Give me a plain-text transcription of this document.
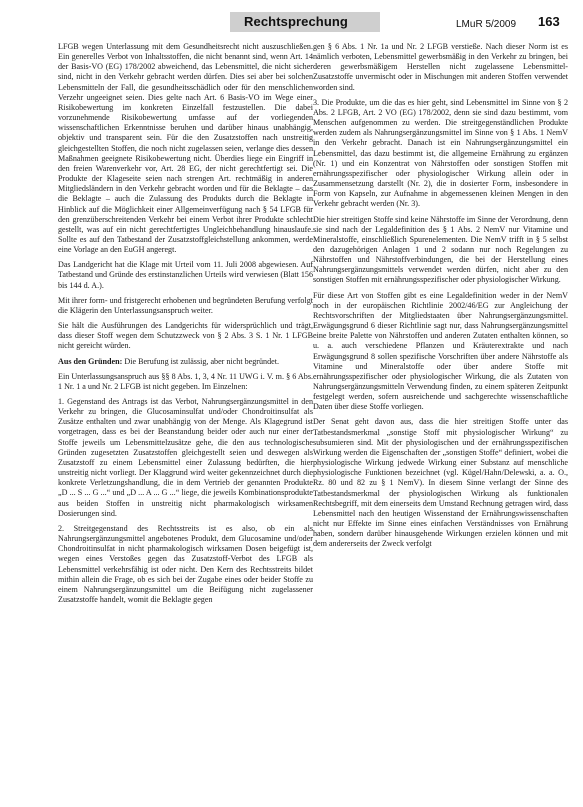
Rechtsprechung	LMuR 5/2009 163

LFGB wegen Unterlassung mit dem Gesundheitsrecht nicht auszuschließen. Ein generelles Verbot von Inhaltsstoffen, die nicht benannt sind, wenn Art. 14 der Basis-VO (EG) 178/2002 abweichend, das Lebensmittel, die nicht sicher sind, nicht in den Verkehr gebracht werden dürfen. Dies sei aber bei solchen Lebensmitteln der Fall, die gesundheitsschädlich oder für den menschlichen Verzehr ungeeignet seien. Dies gelte nach Art. 6 Basis-VO im Wege einer Risikobewertung im konkreten Einzelfall festzustellen. Die dabei vorzunehmende Risikobewertung umfasse auf der vorliegenden wissenschaftlichen Erkenntnisse beruhen und darüber hinaus unabhängig, objektiv und transparent sein. Für die den Zusatzstoffen nach unstreitig gleichgestellten Stoffen, die noch nicht zugelassen seien, verlange dies dessen Maßnahmen geeignete Risikobewertung nicht. Überdies liege ein Eingriff in den freien Warenverkehr vor, Art. 28 EG, der nicht gerechtfertigt sei. Die Produkte der Klageseite seien nach strengen Art. rechtmäßig in anderen Mitgliedsländern in den Verkehr gebracht worden und für die Beklagte – das die Beklagte – auch die Zulassung des Produkts durch die Beklagte in Hinblick auf die Möglichkeit einer Allgemeinverfügung nach § 54 LFGB für den grenzüberschreitenden Verkehr bei einem Verbot ihrer Produkte schlecht gestellt, was auf ein nicht gerechtfertigtes Ungleichbehandlung hinauslaufe. Sollte es auf den Tatbestand der Zusatzstoffgleichstellung ankommen, werde eine Vorlage an den EuGH angeregt.

Das Landgericht hat die Klage mit Urteil vom 11. Juli 2008 abgewiesen. Auf Tatbestand und Gründe des erstinstanzlichen Urteils wird verwiesen (Blatt 156 bis 144 d. A.).

Mit ihrer form- und fristgerecht erhobenen und begründeten Berufung verfolgt die Klägerin den Unterlassungsanspruch weiter.

Sie hält die Ausführungen des Landgerichts für widersprüchlich und trägt, dass dieser Stoff wegen dem Schutzzweck von § 2 Abs. 3 S. 1 Nr. 1 LFGB nicht gereicht würden.

Aus den Gründen: Die Berufung ist zulässig, aber nicht begründet.

Ein Unterlassungsanspruch aus §§ 8 Abs. 1, 3, 4 Nr. 11 UWG i. V. m. § 6 Abs. 1 Nr. 1 a und Nr. 2 LFGB ist nicht gegeben. Im Einzelnen:

1. Gegenstand des Antrags ist das Verbot, Nahrungsergänzungsmittel in den Verkehr zu bringen, die Glucosaminsulfat und/oder Chondroitinsulfat als Zusätze enthalten und zwar unabhängig von der Menge. Als Klagegrund ist vorgetragen, dass es bei der Beanstandung beider oder auch nur einer der Stoffe jeweils um Lebensmittelzusätze gehe, die den aus technologische Gründen zugesetzten Zusatzstoffen gleichgestellt seien und deswegen als Zusatzstoff zu einem Lebensmittel einer Zulassung bedürften, die hier unstreitig nicht vorliegt. Der Klaggrund wird weiter gekennzeichnet durch die konkrete Verletzungshandlung, die in dem Vertrieb der genannten Produkte „D ... S ... G ...“ und „D ... A ... G ...“ liege, die jeweils Kombinationsprodukte aus beiden Stoffen in unstreitig nicht pharmakologisch wirksamen Dosierungen sind.

2. Streitgegenstand des Rechtsstreits ist es also, ob ein als Nahrungsergänzungsmittel angebotenes Produkt, dem Glucosamine und/oder Chondroitinsulfat in nicht pharmakologisch wirksamen Dosen beigefügt ist, wegen eines Verstoßes gegen das Zusatzstoff-Verbot des LFGB als Lebensmittel verkehrsfähig ist oder nicht. Den Kern des Rechtsstreits bildet mithin allein die Frage, ob es sich bei der Zugabe eines oder beider Stoffe zu einem Nahrungsergänzungsmittel um die Beifügung nicht zugelassener Zusatzstoffe handelt, womit die Beklagte gegen

gen § 6 Abs. 1 Nr. 1a und Nr. 2 LFGB verstieße. Nach dieser Norm ist es nämlich verboten, Lebensmittel gewerbsmäßig in den Verkehr zu bringen, bei deren gewerbsmäßigem Herstellen nicht zugelassene Lebensmittel-Zusatzstoffe unvermischt oder in Mischungen mit anderen Stoffen verwendet worden sind.

3. Die Produkte, um die das es hier geht, sind Lebensmittel im Sinne von § 2 Abs. 2 LFGB, Art. 2 VO (EG) 178/2002, denn sie sind dazu bestimmt, vom Menschen aufgenommen zu werden. Die streitgegenständlichen Produkte werden zudem als Nahrungsergänzungsmittel im Sinne von § 1 Abs. 1 NemV in den Verkehr gebracht. Danach ist ein Nahrungsergänzungsmittel ein Lebensmittel, das dazu bestimmt ist, die allgemeine Ernährung zu ergänzen (Nr. 1) und ein Konzentrat von Nährstoffen oder sonstigen Stoffen mit ernährungsspezifischer oder physiologischer Wirkung allein oder in Zusammensetzung darstellt (Nr. 2), die in dosierter Form, insbesondere in Form von Kapseln, zur Aufnahme in abgemessenen kleinen Mengen in den Verkehr gebracht werden (Nr. 3).

Die hier streitigen Stoffe sind keine Nährstoffe im Sinne der Verordnung, denn sie sind nach der Legaldefinition des § 1 Abs. 2 NemV nur Vitamine und Mineralstoffe, einschließlich Spurenelementen. Die NemV trifft in § 5 selbst den dazugehörigen Anlagen 1 und 2 sodann nur noch Regelungen zu Nährstoffen und Nährstoffverbindungen, die bei der Herstellung eines Nahrungsergänzungsmittels verwendet werden dürfen, nicht aber zu den sonstigen Stoffen mit ernährungsspezifischer oder physiologischer Wirkung.

Für diese Art von Stoffen gibt es eine Legaldefinition weder in der NemV noch in der europäischen Richtlinie 2002/46/EG zur Angleichung der Rechtsvorschriften der Mitgliedstaaten über Nahrungsergänzungsmittel. Erwägungsgrund 6 dieser Richtlinie sagt nur, dass Nahrungsergänzungsmittel eine breite Palette von Nährstoffen und anderen Zutaten enthalten können, so u. a. auch verschiedene Pflanzen und Kräuterextrakte und nach Erwägungsgrund 8 sollen spezifische Vorschriften über andere Nährstoffe als Vitamine und Mineralstoffe oder über andere Stoffe mit ernährungsspezifischer oder physiologischer Wirkung, die als Zutaten von Nahrungsergänzungsmitteln Verwendung finden, zu einem späteren Zeitpunkt festgelegt werden, sofern ausreichende und sachgerechte wissenschaftliche Daten über diese Stoffe vorliegen.

Der Senat geht davon aus, dass die hier streitigen Stoffe unter das Tatbestandsmerkmal „sonstige Stoff mit physiologischer Wirkung“ zu subsumieren sind. Mit der physiologischen und der ernährungsspezifischen Wirkung werden die Eigenschaften der „sonstigen Stoffe“ definiert, wobei die physiologische Wirkung jedwede Wirkung einer Substanz auf menschliche physiologische Funktionen bezeichnet (vgl. Kügel/Hahn/Delewski, a. a. O., Rz. 80 und 82 zu § 1 NemV). In diesem Sinne verlangt der Sinne des Tatbestandsmerkmal der physiologischen Wirkung als funktionalen Rechtsbegriff, mit dem einerseits dem Umstand Rechnung getragen wird, dass Lebensmittel nach den heutigen Wissenstand der Ernährungswissenschaften nicht nur Effekte im Sinne eines einfachen Verständnisses von Ernährung haben, sondern darüber hinausgehende Wirkungen erzielen können und mit dem andererseits der Zweck verfolgt
